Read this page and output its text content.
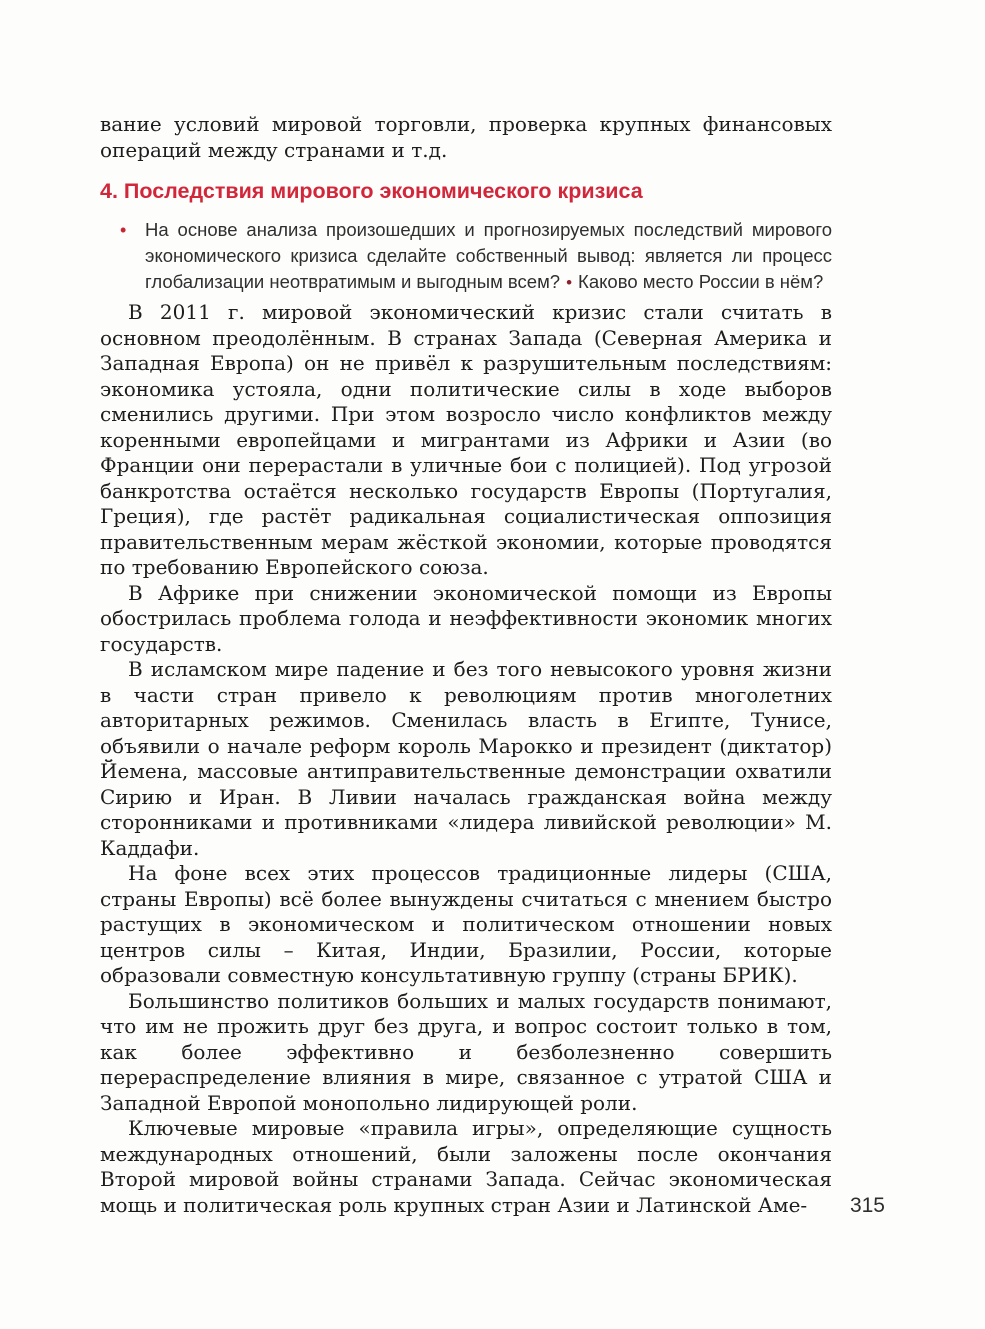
вание условий мировой торговли, проверка крупных финансовых операций между странами и т.д.

4. Последствия мирового экономического кризиса
•	На основе анализа произошедших и прогнозируемых последствий мирового экономического кризиса сделайте собственный вывод: является ли процесс глобализации неотвратимым и выгодным всем? • Каково место России в нём?

В 2011 г. мировой экономический кризис стали считать в основном преодолённым. В странах Запада (Северная Америка и Западная Европа) он не привёл к разрушительным последствиям: экономика устояла, одни политические силы в ходе выборов сменились другими. При этом возросло число конфликтов между коренными европейцами и мигрантами из Африки и Азии (во Франции они перерастали в уличные бои с полицией). Под угрозой банкротства остаётся несколько государств Европы (Португалия, Греция), где растёт радикальная социалистическая оппозиция правительственным мерам жёсткой экономии, которые проводятся по требованию Европейского союза.

В Африке при снижении экономической помощи из Европы обострилась проблема голода и неэффективности экономик многих государств.

В исламском мире падение и без того невысокого уровня жизни в части стран привело к революциям против многолетних авторитарных режимов. Сменилась власть в Египте, Тунисе, объявили о начале реформ король Марокко и президент (диктатор) Йемена, массовые антиправительственные демонстрации охватили Сирию и Иран. В Ливии началась гражданская война между сторонниками и противниками «лидера ливийской революции» М. Каддафи.

На фоне всех этих процессов традиционные лидеры (США, страны Европы) всё более вынуждены считаться с мнением быстро растущих в экономическом и политическом отношении новых центров силы – Китая, Индии, Бразилии, России, которые образовали совместную консультативную группу (страны БРИК).

Большинство политиков больших и малых государств понимают, что им не прожить друг без друга, и вопрос состоит только в том, как более эффективно и безболезненно совершить перераспределение влияния в мире, связанное с утратой США и Западной Европой монопольно лидирующей роли.

Ключевые мировые «правила игры», определяющие сущность международных отношений, были заложены после окончания Второй мировой войны странами Запада. Сейчас экономическая мощь и политическая роль крупных стран Азии и Латинской Аме-	315
